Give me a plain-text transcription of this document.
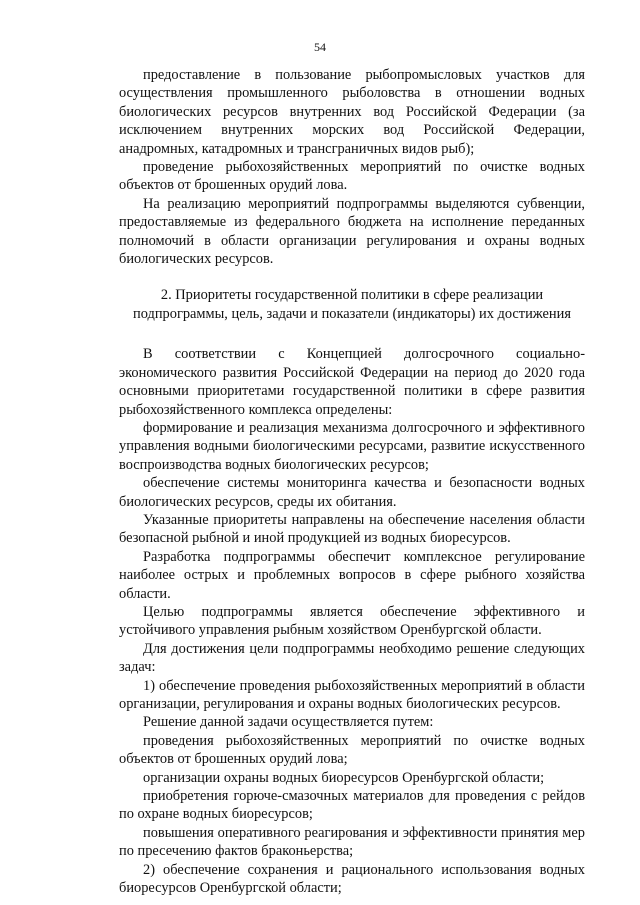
54

предоставление в пользование рыбопромысловых участков для осуществления промышленного рыболовства в отношении водных биологических ресурсов внутренних вод Российской Федерации (за исключением внутренних морских вод Российской Федерации, анадромных, катадромных и трансграничных видов рыб);

проведение рыбохозяйственных мероприятий по очистке водных объектов от брошенных орудий лова.

На реализацию мероприятий подпрограммы выделяются субвенции, предоставляемые из федерального бюджета на исполнение переданных полномочий в области организации регулирования и охраны водных биологических ресурсов.

2. Приоритеты государственной политики в сфере реализации
подпрограммы, цель, задачи и показатели (индикаторы) их достижения

В соответствии с Концепцией долгосрочного социально-экономического развития Российской Федерации на период до 2020 года основными приоритетами государственной политики в сфере развития рыбохозяйственного комплекса определены:

формирование и реализация механизма долгосрочного и эффективного управления водными биологическими ресурсами, развитие искусственного воспроизводства водных биологических ресурсов;

обеспечение системы мониторинга качества и безопасности водных биологических ресурсов, среды их обитания.

Указанные приоритеты направлены на обеспечение населения области безопасной рыбной и иной продукцией из водных биоресурсов.

Разработка подпрограммы обеспечит комплексное регулирование наиболее острых и проблемных вопросов в сфере рыбного хозяйства области.

Целью подпрограммы является обеспечение эффективного и устойчивого управления рыбным хозяйством Оренбургской области.

Для достижения цели подпрограммы необходимо решение следующих задач:

1) обеспечение проведения рыбохозяйственных мероприятий в области организации, регулирования и охраны водных биологических ресурсов.

Решение данной задачи осуществляется путем:

проведения рыбохозяйственных мероприятий по очистке водных объектов от брошенных орудий лова;

организации охраны водных биоресурсов Оренбургской области;

приобретения горюче-смазочных материалов для проведения с рейдов по охране водных биоресурсов;

повышения оперативного реагирования и эффективности принятия мер по пресечению фактов браконьерства;

2) обеспечение сохранения и рационального использования водных биоресурсов Оренбургской области;
